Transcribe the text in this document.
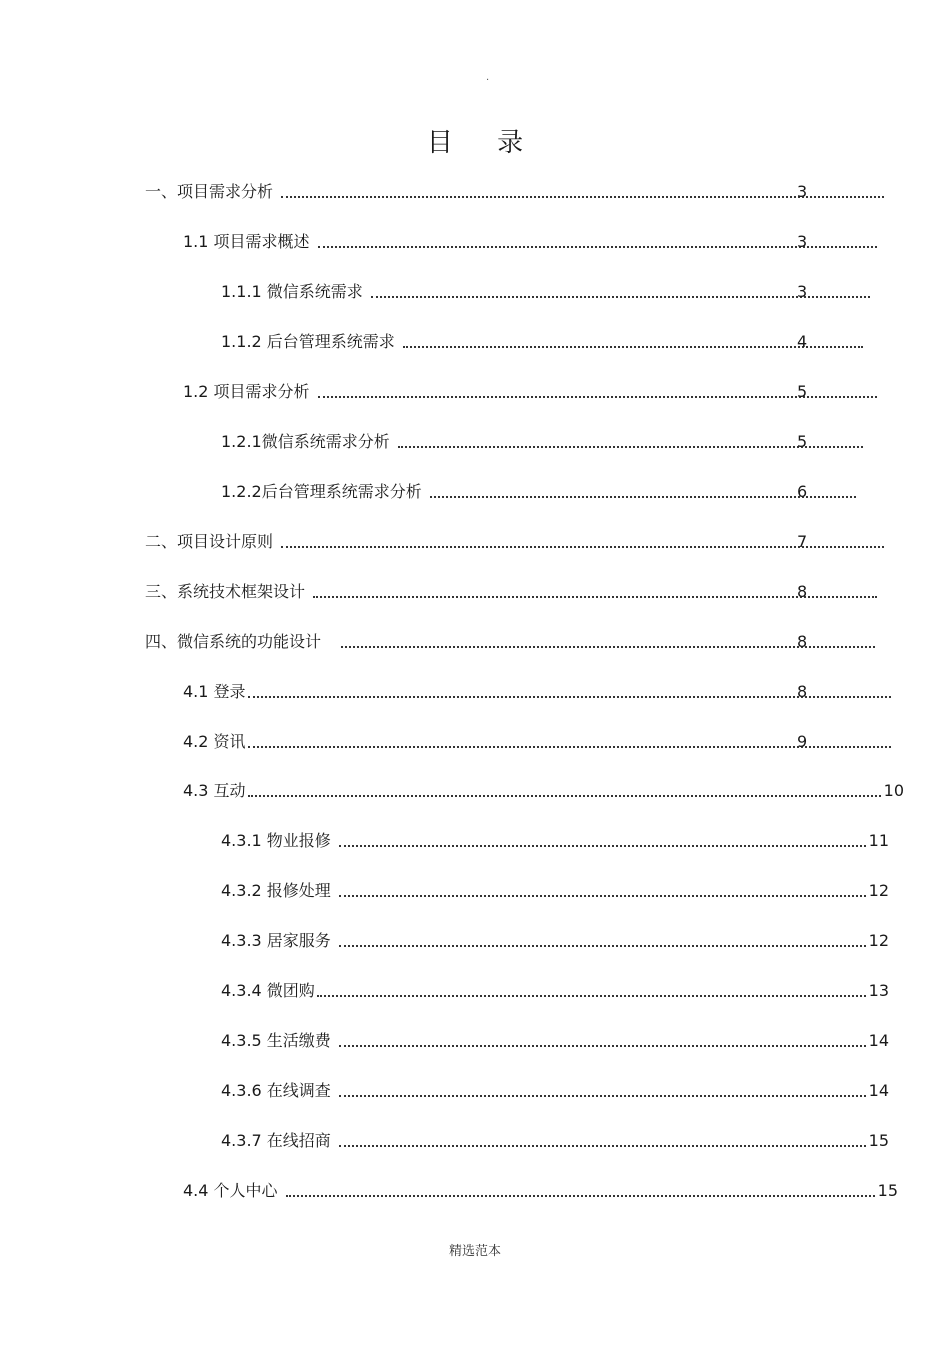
.
目 录
一、项目需求分析	3
1.1 项目需求概述	3
1.1.1 微信系统需求	3
1.1.2 后台管理系统需求	4
1.2 项目需求分析	5
1.2.1微信系统需求分析	5
1.2.2后台管理系统需求分析	6
二、项目设计原则	7
三、系统技术框架设计	8
四、微信系统的功能设计	8
4.1 登录	8
4.2 资讯	9
4.3 互动	10
4.3.1 物业报修	11
4.3.2 报修处理	12
4.3.3 居家服务	12
4.3.4 微团购	13
4.3.5 生活缴费	14
4.3.6 在线调查	14
4.3.7 在线招商	15
4.4 个人中心	15
精选范本
